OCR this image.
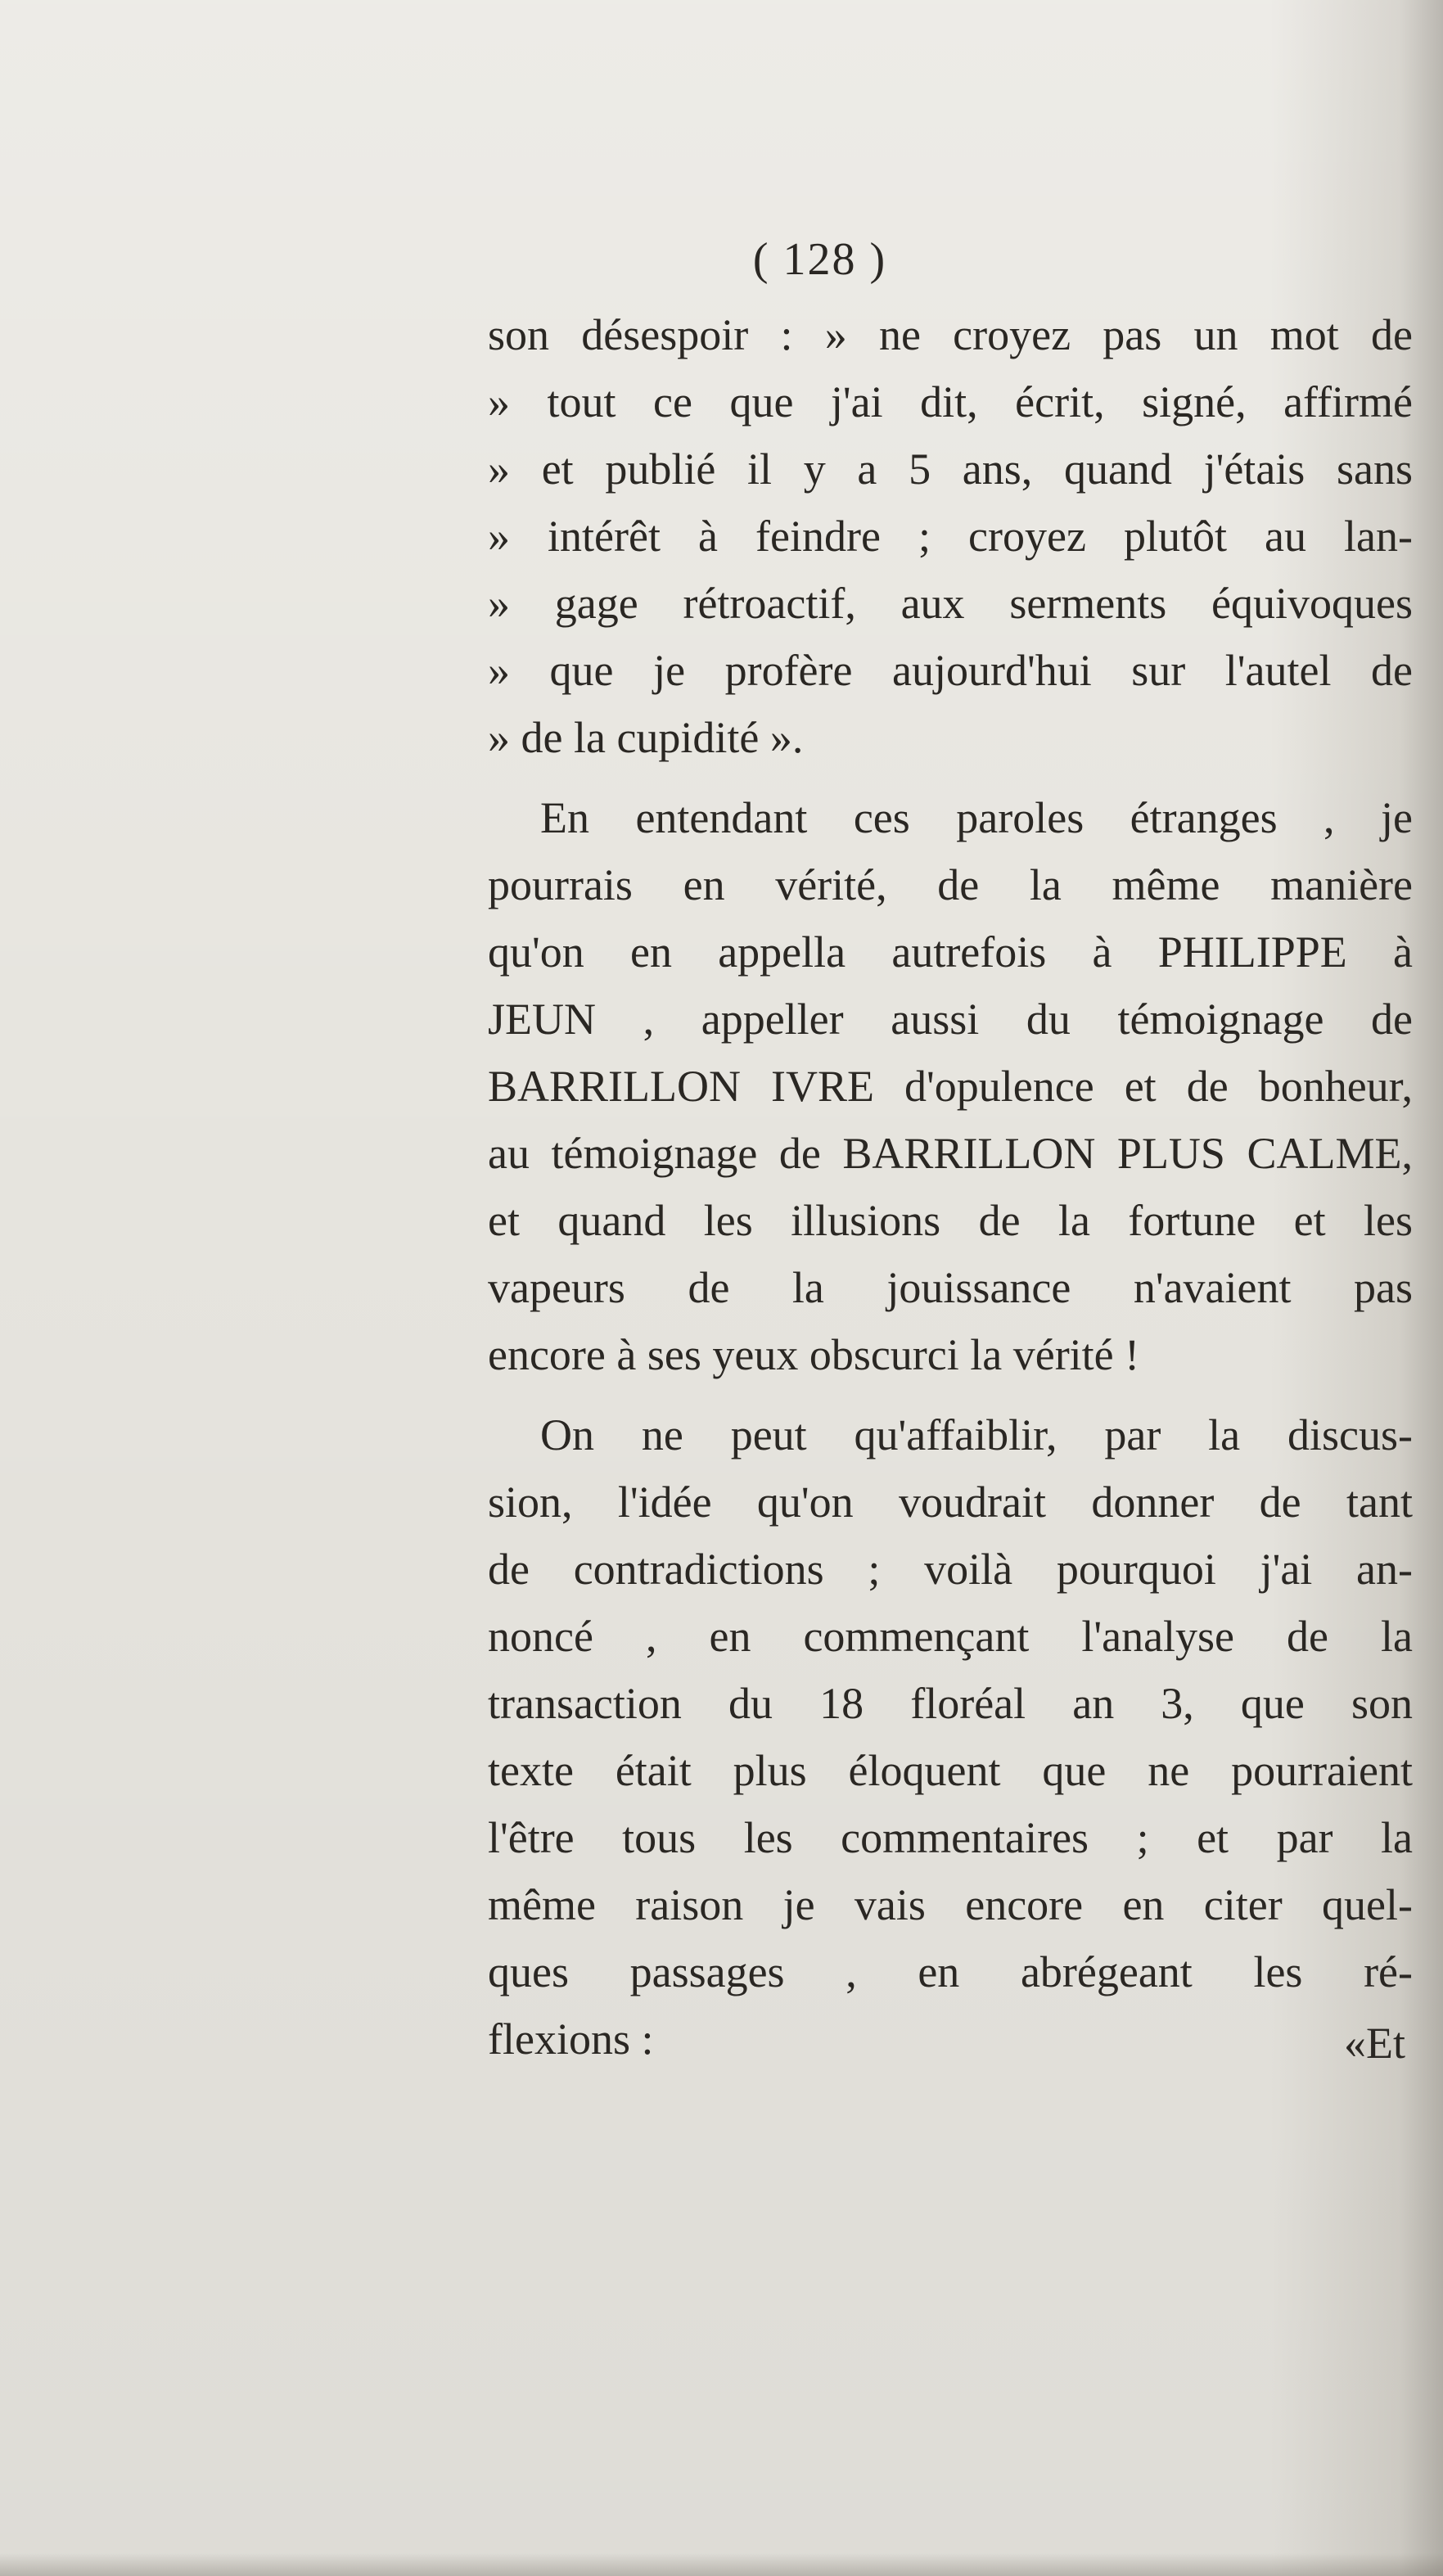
( 128 )
son désespoir : » ne croyez pas un mot de
» tout ce que j'ai dit, écrit, signé, affirmé
» et publié il y a 5 ans, quand j'étais sans
» intérêt à feindre ; croyez plutôt au lan-
» gage rétroactif, aux serments équivoques
» que je profère aujourd'hui sur l'autel de
» de la cupidité ».
En entendant ces paroles étranges , je
pourrais en vérité, de la même manière
qu'on en appella autrefois à PHILIPPE à
JEUN , appeller aussi du témoignage de
BARRILLON IVRE d'opulence et de bonheur,
au témoignage de BARRILLON PLUS CALME,
et quand les illusions de la fortune et les
vapeurs de la jouissance n'avaient pas
encore à ses yeux obscurci la vérité !
On ne peut qu'affaiblir, par la discus-
sion, l'idée qu'on voudrait donner de tant
de contradictions ; voilà pourquoi j'ai an-
noncé , en commençant l'analyse de la
transaction du 18 floréal an 3, que son
texte était plus éloquent que ne pourraient
l'être tous les commentaires ; et par la
même raison je vais encore en citer quel-
ques passages , en abrégeant les ré-
flexions :	«Et
